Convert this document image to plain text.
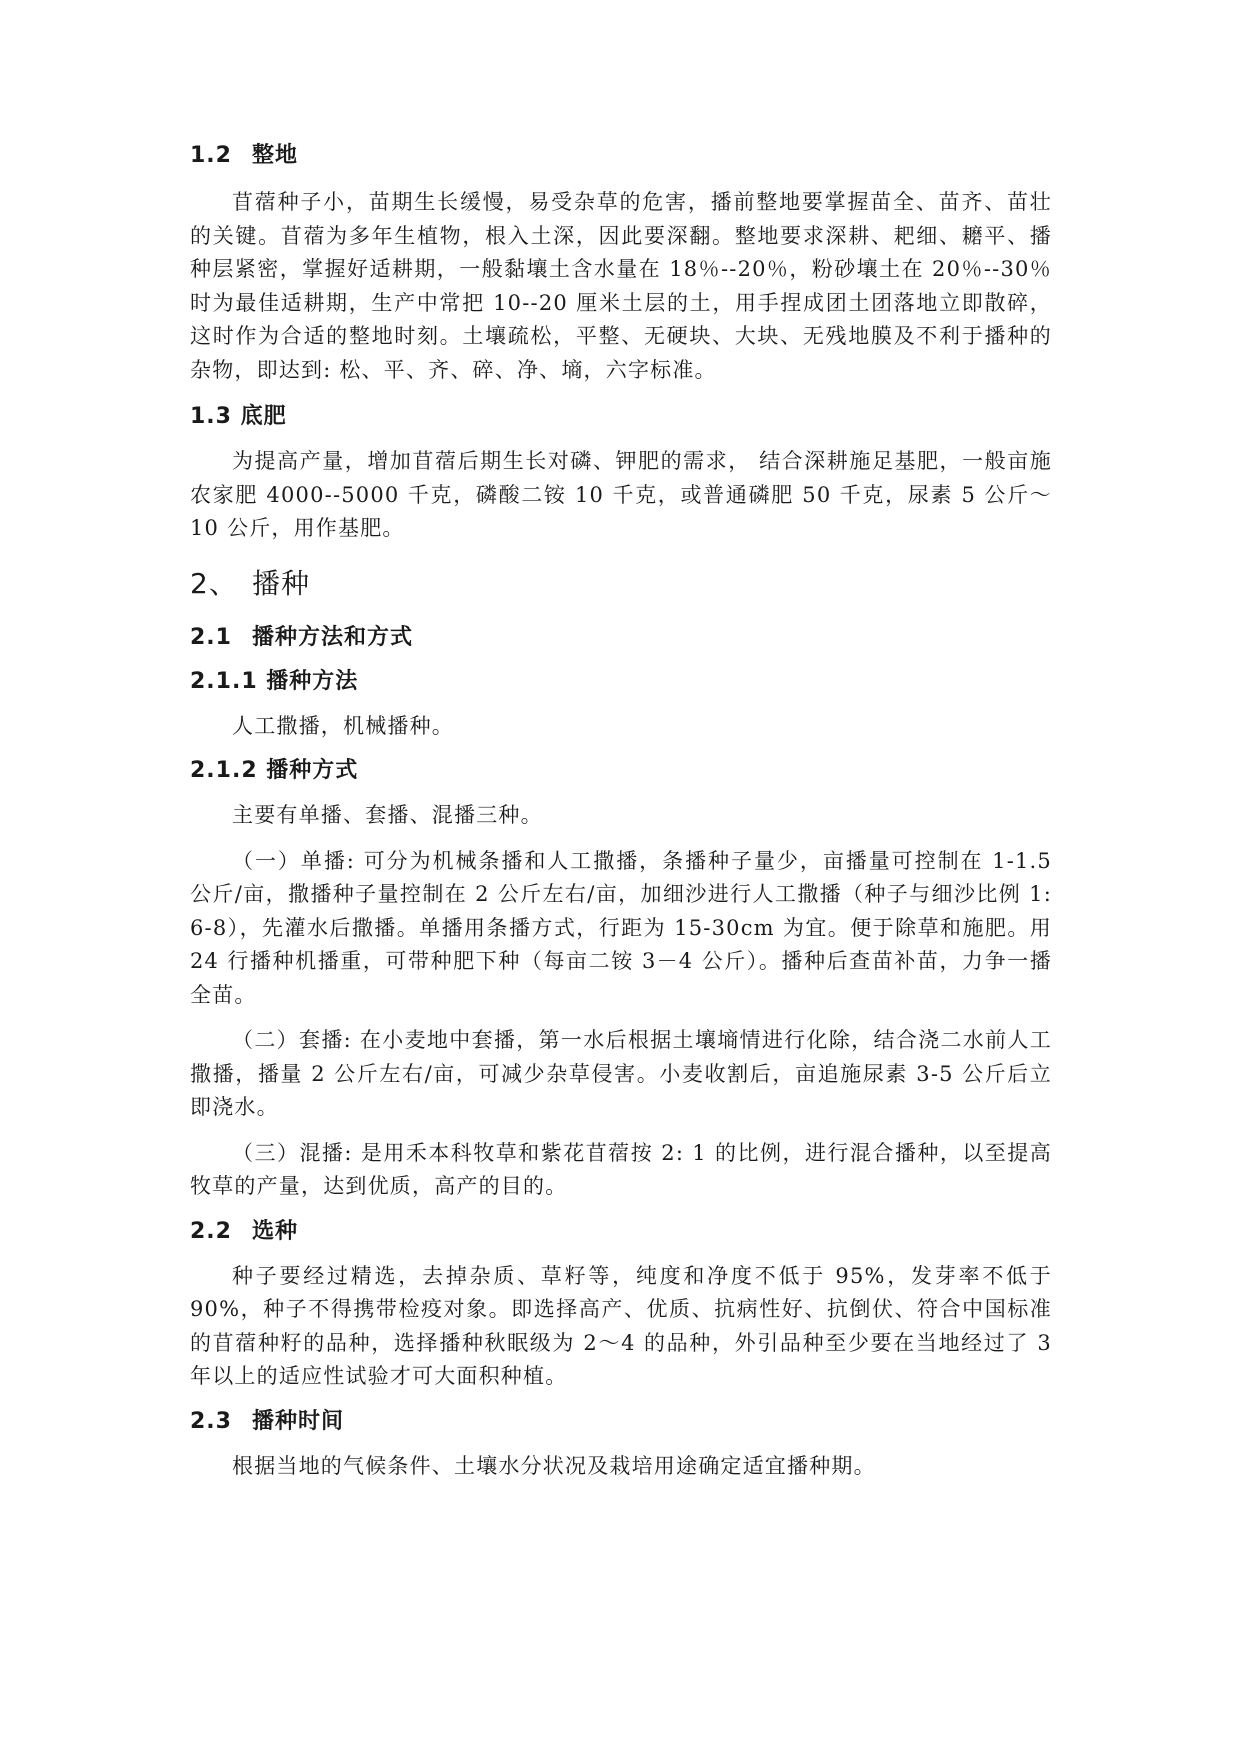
1.2 整地

苜蓿种子小，苗期生长缓慢，易受杂草的危害，播前整地要掌握苗全、苗齐、苗壮的关键。苜蓿为多年生植物，根入土深，因此要深翻。整地要求深耕、耙细、耱平、播种层紧密，掌握好适耕期，一般黏壤土含水量在 18％--20％，粉砂壤土在 20％--30％时为最佳适耕期，生产中常把 10--20 厘米土层的土，用手捏成团土团落地立即散碎，这时作为合适的整地时刻。土壤疏松，平整、无硬块、大块、无残地膜及不利于播种的杂物，即达到: 松、平、齐、碎、净、墒，六字标准。

1.3 底肥

为提高产量，增加苜蓿后期生长对磷、钾肥的需求， 结合深耕施足基肥，一般亩施农家肥 4000--5000 千克，磷酸二铵 10 千克，或普通磷肥 50 千克，尿素 5 公斤～10 公斤，用作基肥。

2、 播种
2.1 播种方法和方式
2.1.1 播种方法

人工撒播，机械播种。

2.1.2 播种方式

主要有单播、套播、混播三种。

（一）单播: 可分为机械条播和人工撒播，条播种子量少，亩播量可控制在 1-1.5 公斤/亩，撒播种子量控制在 2 公斤左右/亩，加细沙进行人工撒播（种子与细沙比例 1: 6-8），先灌水后撒播。单播用条播方式，行距为 15-30cm 为宜。便于除草和施肥。用 24 行播种机播重，可带种肥下种（每亩二铵 3－4 公斤）。播种后查苗补苗，力争一播全苗。

（二）套播: 在小麦地中套播，第一水后根据土壤墒情进行化除，结合浇二水前人工撒播，播量 2 公斤左右/亩，可减少杂草侵害。小麦收割后，亩追施尿素 3-5 公斤后立即浇水。

（三）混播: 是用禾本科牧草和紫花苜蓿按 2: 1 的比例，进行混合播种，以至提高牧草的产量，达到优质，高产的目的。

2.2 选种

种子要经过精选，去掉杂质、草籽等，纯度和净度不低于 95%，发芽率不低于 90%，种子不得携带检疫对象。即选择高产、优质、抗病性好、抗倒伏、符合中国标准的苜蓿种籽的品种，选择播种秋眠级为 2～4 的品种，外引品种至少要在当地经过了 3 年以上的适应性试验才可大面积种植。

2.3 播种时间

根据当地的气候条件、土壤水分状况及栽培用途确定适宜播种期。
